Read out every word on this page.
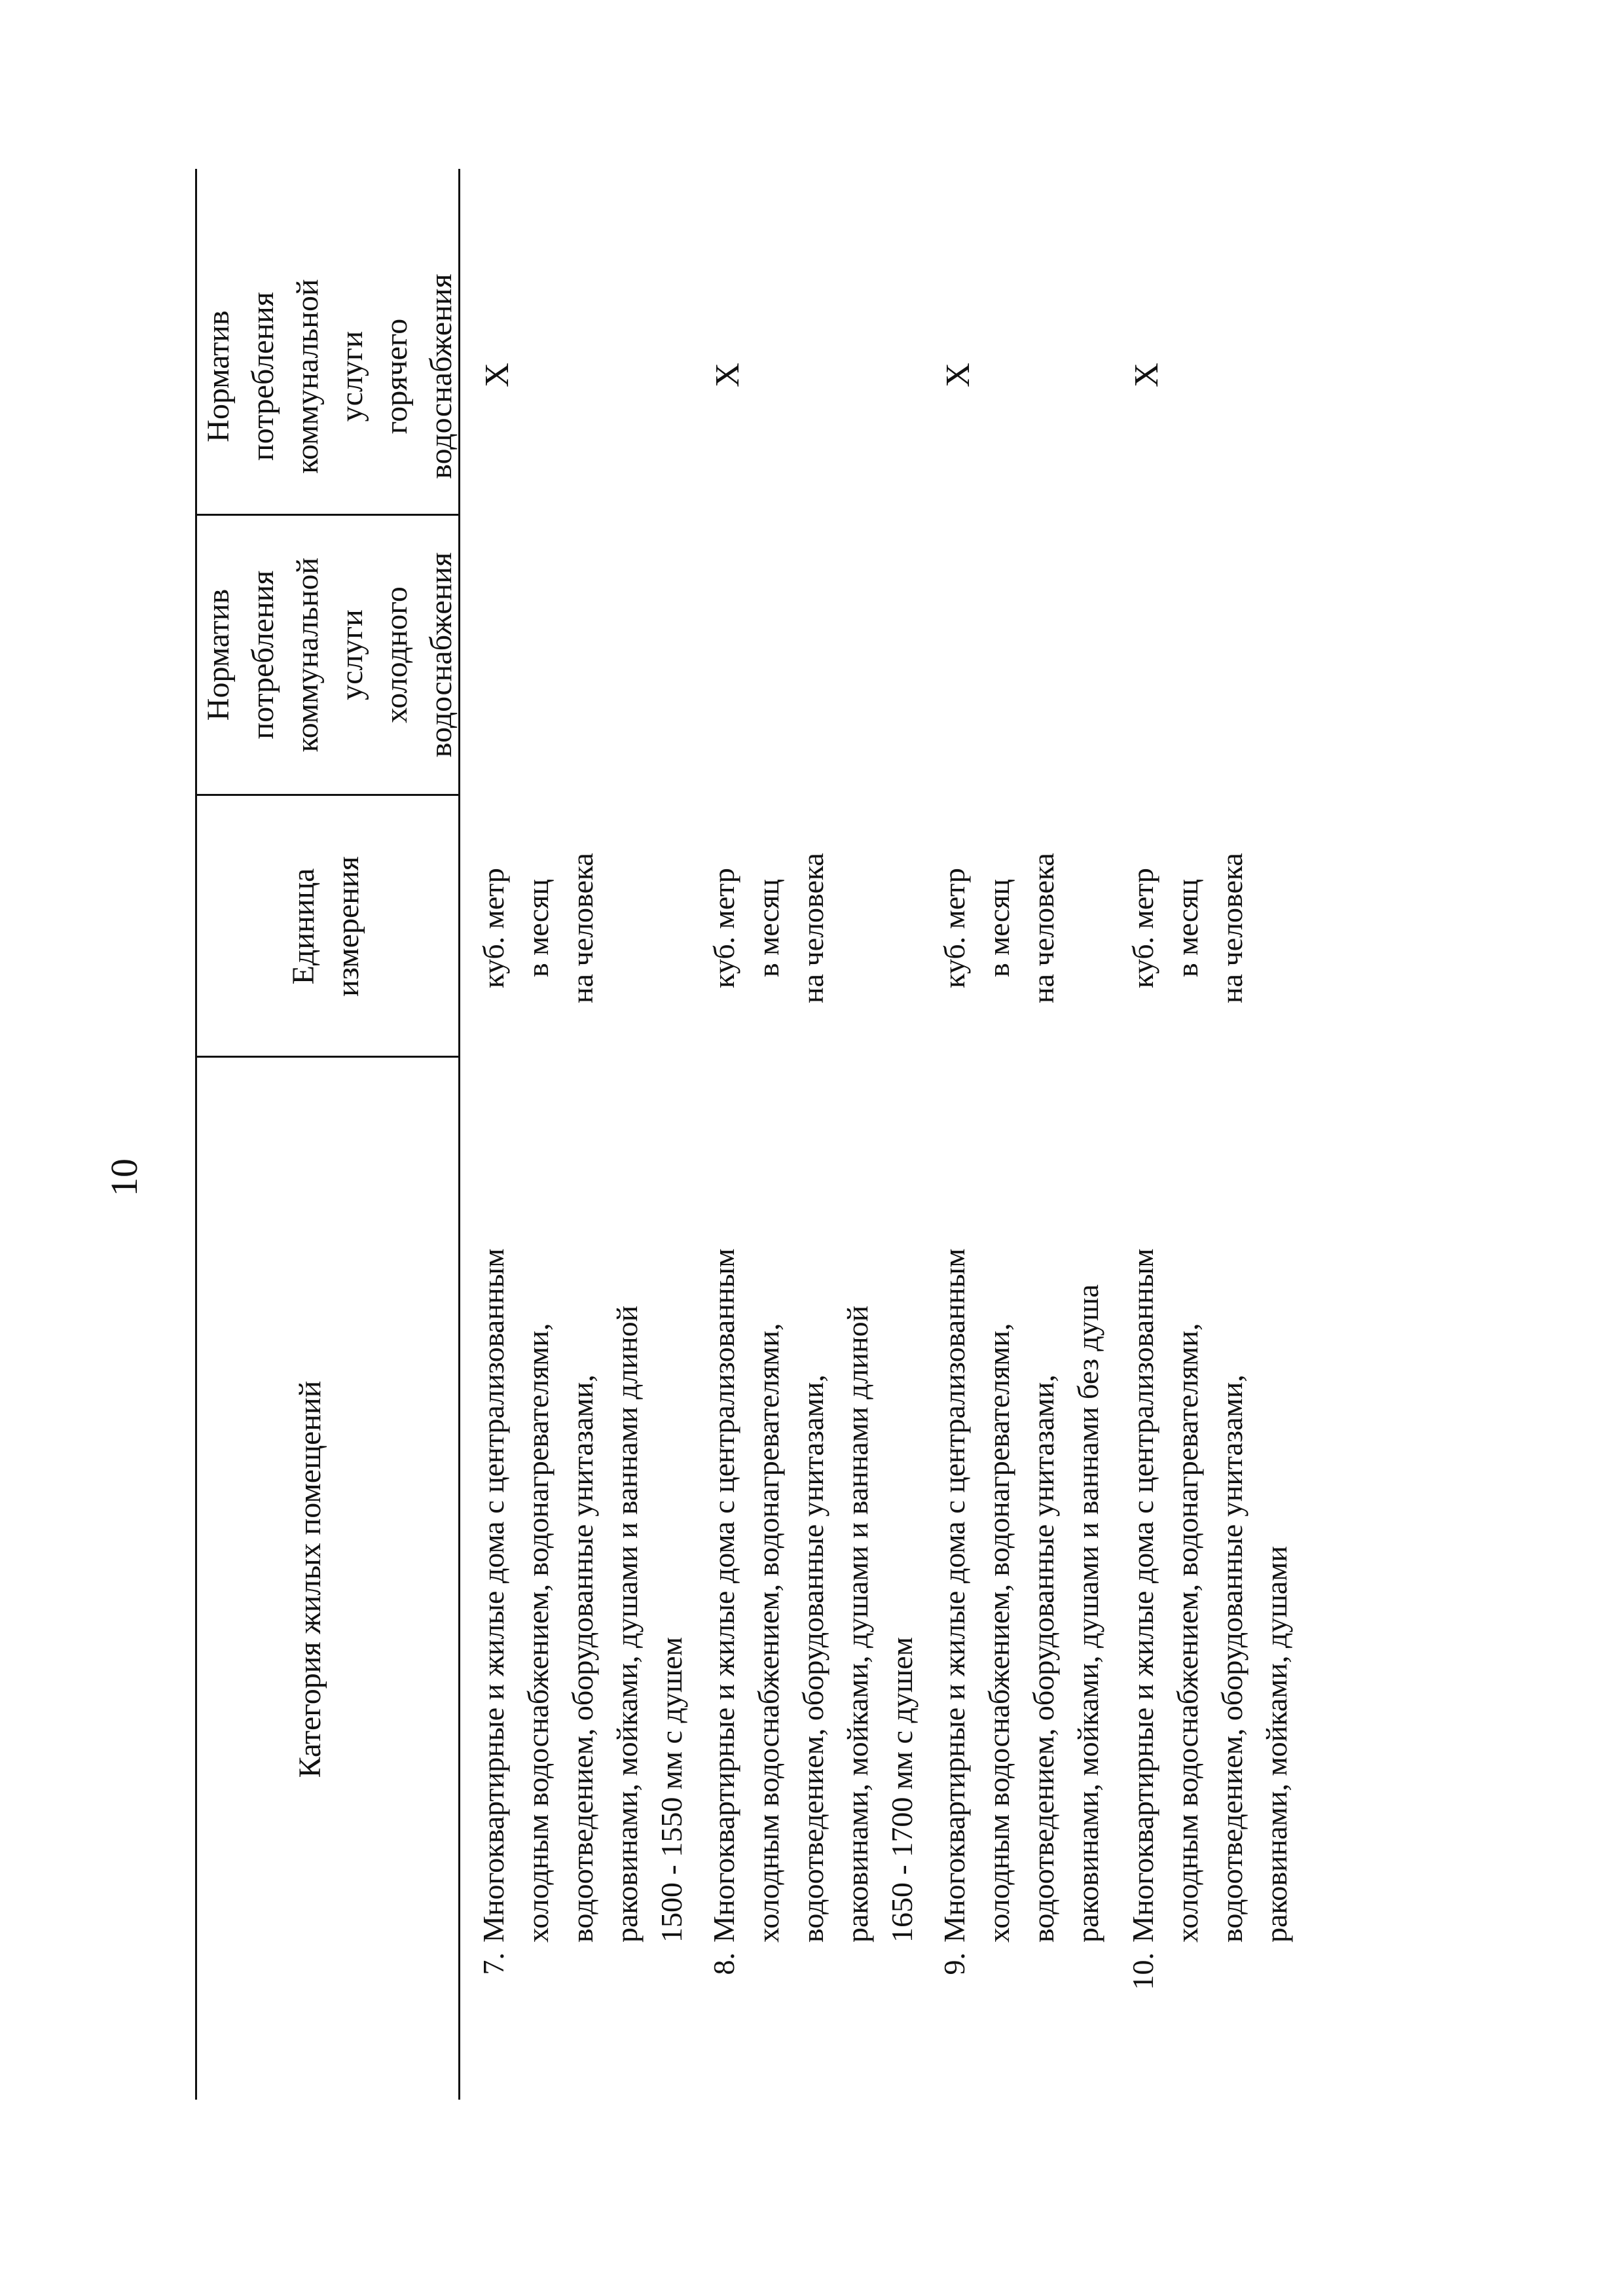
10
Категория жилых помещений
Единица измерения
Норматив потребления коммунальной услуги холодного водоснабжения
Норматив потребления коммунальной услуги горячего водоснабжения
7.
Многоквартирные и жилые дома с централизованным холодным водоснабжением, водонагревателями, водоотведением, оборудованные унитазами, раковинами, мойками, душами и ваннами длиной 1500 - 1550 мм с душем
куб. метр в месяц на человека
Х
8.
Многоквартирные и жилые дома с централизованным холодным водоснабжением, водонагревателями, водоотведением, оборудованные унитазами, раковинами, мойками, душами и ваннами длиной 1650 - 1700 мм с душем
куб. метр в месяц на человека
Х
9.
Многоквартирные и жилые дома с централизованным холодным водоснабжением, водонагревателями, водоотведением, оборудованные унитазами, раковинами, мойками, душами и ваннами без душа
куб. метр в месяц на человека
Х
10.
Многоквартирные и жилые дома с централизованным холодным водоснабжением, водонагревателями, водоотведением, оборудованные унитазами, раковинами, мойками, душами
куб. метр в месяц на человека
Х
